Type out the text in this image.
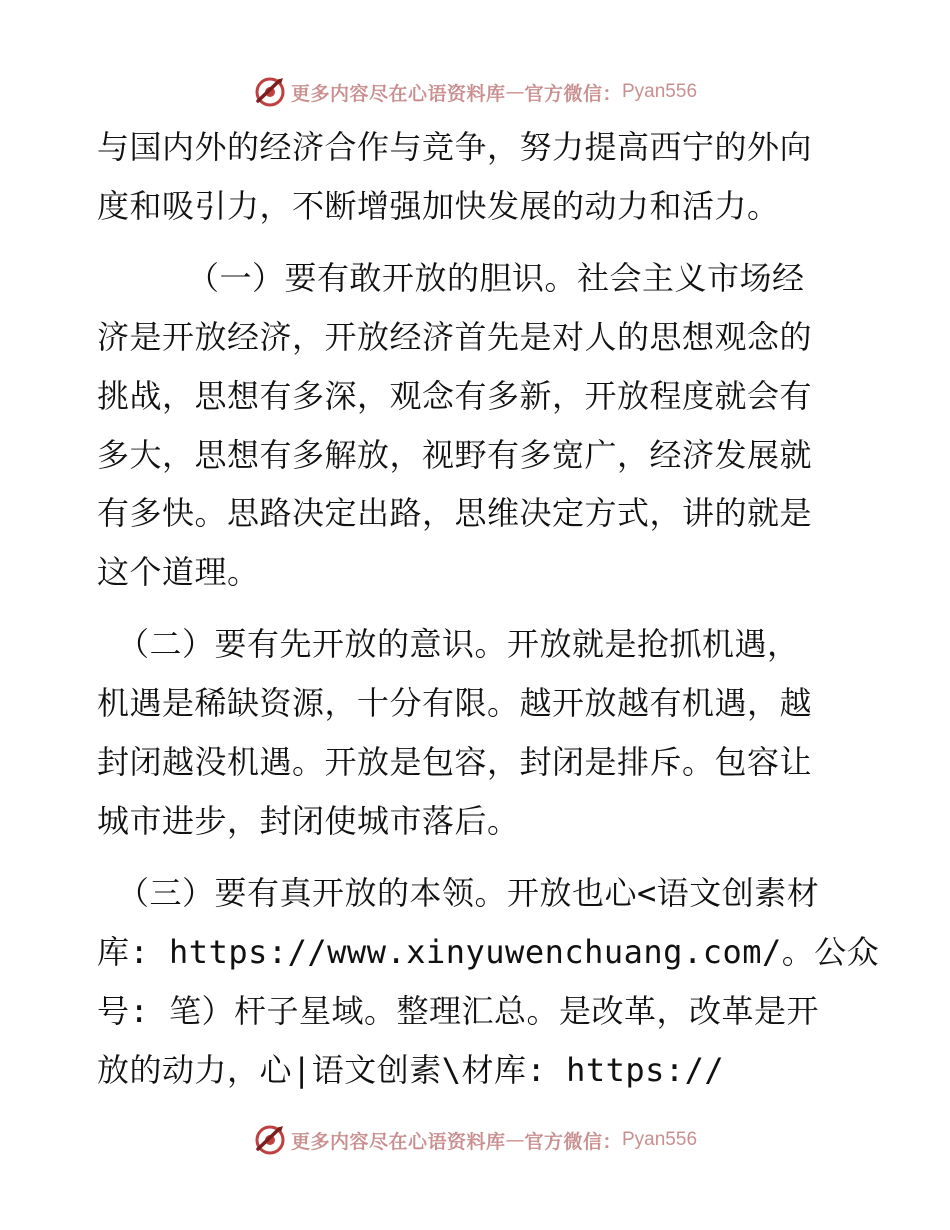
更多内容尽在心语资料库 — 官方微信： Pyan556
与国内外的经济合作与竞争，努力提高西宁的外向
度和吸引力，不断增强加快发展的动力和活力。
（一）要有敢开放的胆识。社会主义市场经
济是开放经济，开放经济首先是对人的思想观念的
挑战，思想有多深，观念有多新，开放程度就会有
多大，思想有多解放，视野有多宽广，经济发展就
有多快。思路决定出路，思维决定方式，讲的就是
这个道理。
（二）要有先开放的意识。开放就是抢抓机遇，
机遇是稀缺资源，十分有限。越开放越有机遇，越
封闭越没机遇。开放是包容，封闭是排斥。包容让
城市进步，封闭使城市落后。
（三）要有真开放的本领。开放也心<语文创素材
库: https://www.xinyuwenchuang.com/。公众
号: 笔）杆子星域。整理汇总。是改革，改革是开
放的动力，心|语文创素\材库: https://
更多内容尽在心语资料库 — 官方微信： Pyan556
